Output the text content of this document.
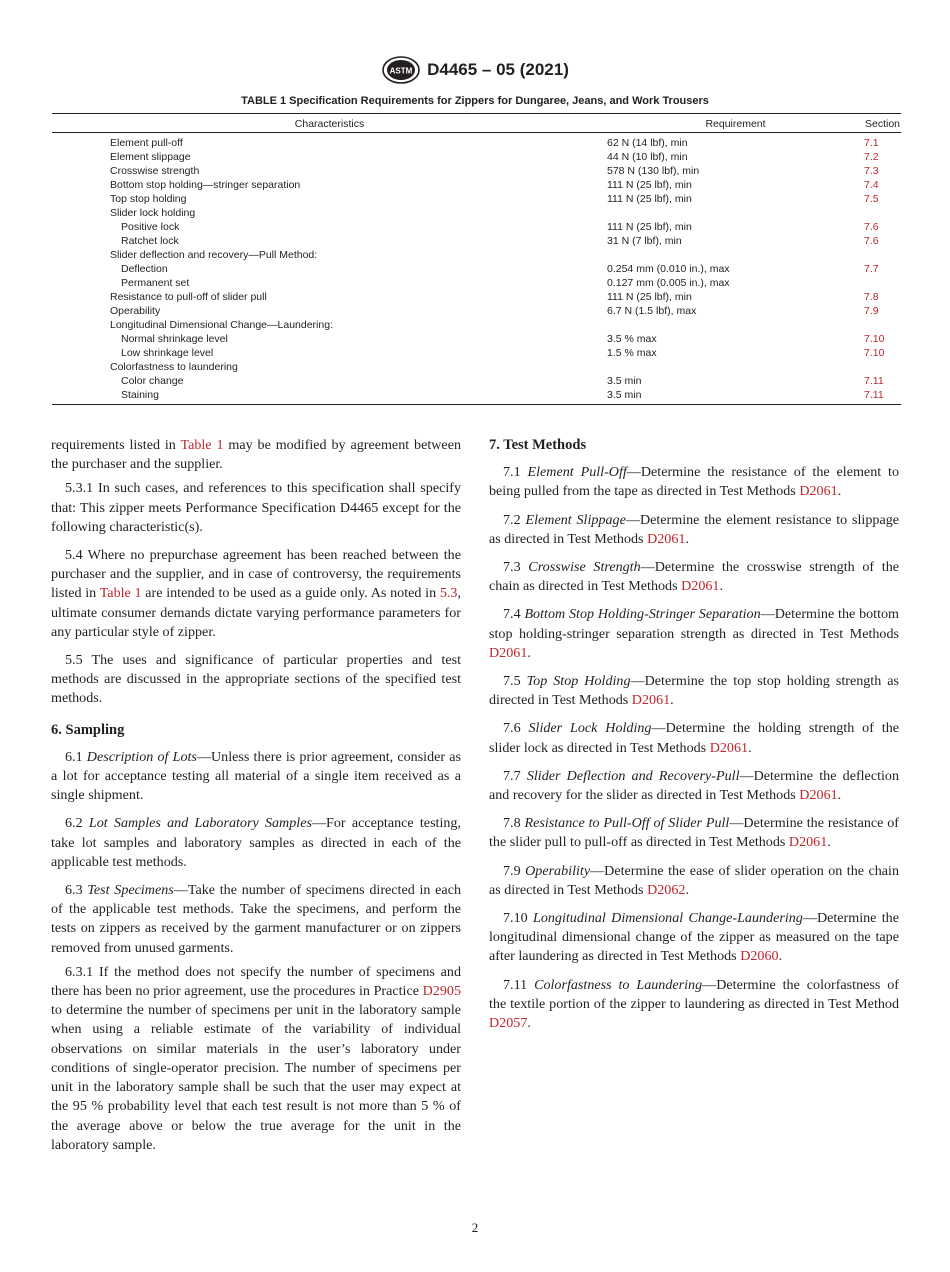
ASTM D4465 – 05 (2021)
TABLE 1 Specification Requirements for Zippers for Dungaree, Jeans, and Work Trousers
Characteristics	Requirement	Section
Element pull-off	62 N (14 lbf), min	7.1
Element slippage	44 N (10 lbf), min	7.2
Crosswise strength	578 N (130 lbf), min	7.3
Bottom stop holding—stringer separation	111 N (25 lbf), min	7.4
Top stop holding	111 N (25 lbf), min	7.5
Slider lock holding		
Positive lock	111 N (25 lbf), min	7.6
Ratchet lock	31 N (7 lbf), min	7.6
Slider deflection and recovery—Pull Method:		
Deflection	0.254 mm (0.010 in.), max	7.7
Permanent set	0.127 mm (0.005 in.), max	
Resistance to pull-off of slider pull	111 N (25 lbf), min	7.8
Operability	6.7 N (1.5 lbf), max	7.9
Longitudinal Dimensional Change—Laundering:		
Normal shrinkage level	3.5 % max	7.10
Low shrinkage level	1.5 % max	7.10
Colorfastness to laundering		
Color change	3.5 min	7.11
Staining	3.5 min	7.11

requirements listed in Table 1 may be modified by agreement between the purchaser and the supplier.

5.3.1 In such cases, and references to this specification shall specify that: This zipper meets Performance Specification D4465 except for the following characteristic(s).

5.4 Where no prepurchase agreement has been reached between the purchaser and the supplier, and in case of controversy, the requirements listed in Table 1 are intended to be used as a guide only. As noted in 5.3, ultimate consumer demands dictate varying performance parameters for any particular style of zipper.

5.5 The uses and significance of particular properties and test methods are discussed in the appropriate sections of the specified test methods.

6. Sampling

6.1 Description of Lots—Unless there is prior agreement, consider as a lot for acceptance testing all material of a single item received as a single shipment.

6.2 Lot Samples and Laboratory Samples—For acceptance testing, take lot samples and laboratory samples as directed in each of the applicable test methods.

6.3 Test Specimens—Take the number of specimens directed in each of the applicable test methods. Take the specimens, and perform the tests on zippers as received by the garment manufacturer or on zippers removed from unused garments.

6.3.1 If the method does not specify the number of specimens and there has been no prior agreement, use the procedures in Practice D2905 to determine the number of specimens per unit in the laboratory sample when using a reliable estimate of the variability of individual observations on similar materials in the user’s laboratory under conditions of single-operator precision. The number of specimens per unit in the laboratory sample shall be such that the user may expect at the 95 % probability level that each test result is not more than 5 % of the average above or below the true average for the unit in the laboratory sample.

7. Test Methods

7.1 Element Pull-Off—Determine the resistance of the element to being pulled from the tape as directed in Test Methods D2061.

7.2 Element Slippage—Determine the element resistance to slippage as directed in Test Methods D2061.

7.3 Crosswise Strength—Determine the crosswise strength of the chain as directed in Test Methods D2061.

7.4 Bottom Stop Holding-Stringer Separation—Determine the bottom stop holding-stringer separation strength as directed in Test Methods D2061.

7.5 Top Stop Holding—Determine the top stop holding strength as directed in Test Methods D2061.

7.6 Slider Lock Holding—Determine the holding strength of the slider lock as directed in Test Methods D2061.

7.7 Slider Deflection and Recovery-Pull—Determine the deflection and recovery for the slider as directed in Test Methods D2061.

7.8 Resistance to Pull-Off of Slider Pull—Determine the resistance of the slider pull to pull-off as directed in Test Methods D2061.

7.9 Operability—Determine the ease of slider operation on the chain as directed in Test Methods D2062.

7.10 Longitudinal Dimensional Change-Laundering—Determine the longitudinal dimensional change of the zipper as measured on the tape after laundering as directed in Test Methods D2060.

7.11 Colorfastness to Laundering—Determine the colorfastness of the textile portion of the zipper to laundering as directed in Test Method D2057.

2
